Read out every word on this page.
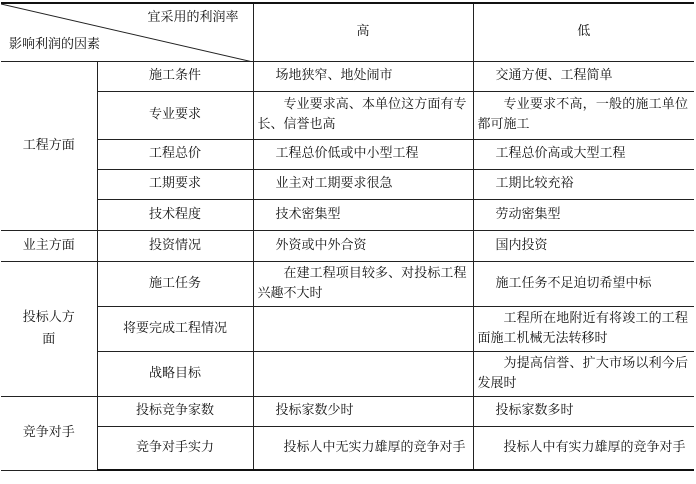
宜采用的利润率
影响利润的因素		高	低
工程方面	施工条件	场地狭窄、地处闹市	交通方便、工程简单
	专业要求	专业要求高、本单位这方面有专长、信誉也高	专业要求不高，一般的施工单位都可施工
	工程总价	工程总价低或中小型工程	工程总价高或大型工程
	工期要求	业主对工期要求很急	工期比较充裕
	技术程度	技术密集型	劳动密集型
业主方面	投资情况	外资或中外合资	国内投资

投标人方面	施工任务	在建工程项目较多、对投标工程兴趣不大时	施工任务不足迫切希望中标
	将要完成工程情况		工程所在地附近有将竣工的工程面施工机械无法转移时
	战略目标		为提高信誉、扩大市场以利今后发展时
竞争对手	投标竞争家数	投标家数少时	投标家数多时
	竞争对手实力	投标人中无实力雄厚的竞争对手	投标人中有实力雄厚的竞争对手
